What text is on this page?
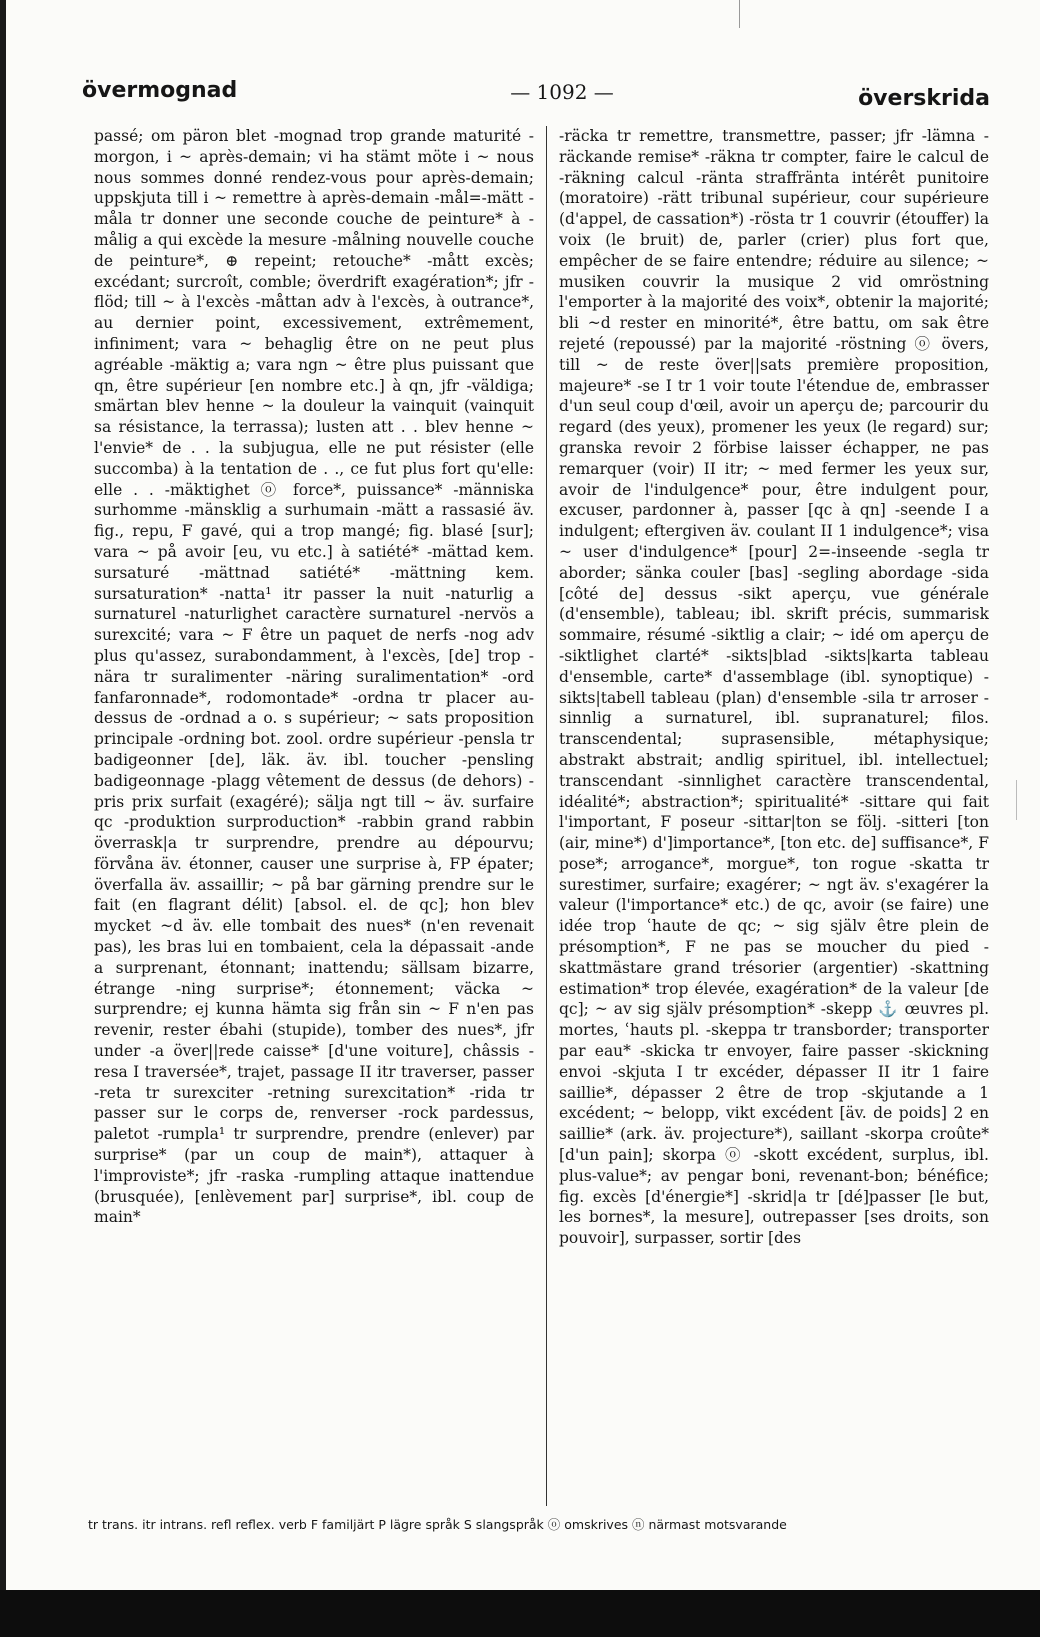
övermognad	— 1092 —	överskrida

passé; om päron blet -mognad trop grande maturité -morgon, i ~ après-demain; vi ha stämt möte i ~ nous nous sommes donné rendez-vous pour après-demain; uppskjuta till i ~ remettre à après-demain -mål=-mätt -måla tr donner une seconde couche de peinture* à -målig a qui excède la mesure -målning nouvelle couche de peinture*, ⊕ repeint; retouche* -mått excès; excédant; surcroît, comble; överdrift exagération*; jfr -flöd; till ~ à l'excès -måttan adv à l'excès, à outrance*, au dernier point, excessivement, extrêmement, infiniment; vara ~ behaglig être on ne peut plus agréable -mäktig a; vara ngn ~ être plus puissant que qn, être supérieur [en nombre etc.] à qn, jfr -väldiga; smärtan blev henne ~ la douleur la vainquit (vainquit sa résistance, la terrassa); lusten att . . blev henne ~ l'envie* de . . la subjugua, elle ne put résister (elle succomba) à la tentation de . ., ce fut plus fort qu'elle: elle . . -mäktighet ⓞ force*, puissance* -människa surhomme -mänsklig a surhumain -mätt a rassasié äv. fig., repu, F gavé, qui a trop mangé; fig. blasé [sur]; vara ~ på avoir [eu, vu etc.] à satiété* -mättad kem. sursaturé -mättnad satiété* -mättning kem. sursaturation* -natta¹ itr passer la nuit -naturlig a surnaturel -naturlighet caractère surnaturel -nervös a surexcité; vara ~ F être un paquet de nerfs -nog adv plus qu'assez, surabondamment, à l'excès, [de] trop -nära tr suralimenter -näring suralimentation* -ord fanfaronnade*, rodomontade* -ordna tr placer au-dessus de -ordnad a o. s supérieur; ~ sats proposition principale -ordning bot. zool. ordre supérieur -pensla tr badigeonner [de], läk. äv. ibl. toucher -pensling badigeonnage -plagg vêtement de dessus (de dehors) -pris prix surfait (exagéré); sälja ngt till ~ äv. surfaire qc -produktion surproduction* -rabbin grand rabbin överrask|a tr surprendre, prendre au dépourvu; förvåna äv. étonner, causer une surprise à, FP épater; överfalla äv. assaillir; ~ på bar gärning prendre sur le fait (en flagrant délit) [absol. el. de qc]; hon blev mycket ~d äv. elle tombait des nues* (n'en revenait pas), les bras lui en tombaient, cela la dépassait -ande a surprenant, étonnant; inattendu; sällsam bizarre, étrange -ning surprise*; étonnement; väcka ~ surprendre; ej kunna hämta sig från sin ~ F n'en pas revenir, rester ébahi (stupide), tomber des nues*, jfr under -a över||rede caisse* [d'une voiture], châssis -resa I traversée*, trajet, passage II itr traverser, passer -reta tr surexciter -retning surexcitation* -rida tr passer sur le corps de, renverser -rock pardessus, paletot -rumpla¹ tr surprendre, prendre (enlever) par surprise* (par un coup de main*), attaquer à l'improviste*; jfr -raska -rumpling attaque inattendue (brusquée), [enlèvement par] surprise*, ibl. coup de main*

-räcka tr remettre, transmettre, passer; jfr -lämna -räckande remise* -räkna tr compter, faire le calcul de -räkning calcul -ränta straffränta intérêt punitoire (moratoire) -rätt tribunal supérieur, cour supérieure (d'appel, de cassation*) -rösta tr 1 couvrir (étouffer) la voix (le bruit) de, parler (crier) plus fort que, empêcher de se faire entendre; réduire au silence; ~ musiken couvrir la musique 2 vid omröstning l'emporter à la majorité des voix*, obtenir la majorité; bli ~d rester en minorité*, être battu, om sak être rejeté (repoussé) par la majorité -röstning ⓞ övers, till ~ de reste över||sats première proposition, majeure* -se I tr 1 voir toute l'étendue de, embrasser d'un seul coup d'œil, avoir un aperçu de; parcourir du regard (des yeux), promener les yeux (le regard) sur; granska revoir 2 förbise laisser échapper, ne pas remarquer (voir) II itr; ~ med fermer les yeux sur, avoir de l'indulgence* pour, être indulgent pour, excuser, pardonner à, passer [qc à qn] -seende I a indulgent; eftergiven äv. coulant II 1 indulgence*; visa ~ user d'indulgence* [pour] 2=-inseende -segla tr aborder; sänka couler [bas] -segling abordage -sida [côté de] dessus -sikt aperçu, vue générale (d'ensemble), tableau; ibl. skrift précis, summarisk sommaire, résumé -siktlig a clair; ~ idé om aperçu de -siktlighet clarté* -sikts|blad -sikts|karta tableau d'ensemble, carte* d'assemblage (ibl. synoptique) -sikts|tabell tableau (plan) d'ensemble -sila tr arroser -sinnlig a surnaturel, ibl. supranaturel; filos. transcendental; suprasensible, métaphysique; abstrakt abstrait; andlig spirituel, ibl. intellectuel; transcendant -sinnlighet caractère transcendental, idéalité*; abstraction*; spiritualité* -sittare qui fait l'important, F poseur -sittar|ton se följ. -sitteri [ton (air, mine*) d']importance*, [ton etc. de] suffisance*, F pose*; arrogance*, morgue*, ton rogue -skatta tr surestimer, surfaire; exagérer; ~ ngt äv. s'exagérer la valeur (l'importance* etc.) de qc, avoir (se faire) une idée trop ʿhaute de qc; ~ sig själv être plein de présomption*, F ne pas se moucher du pied -skattmästare grand trésorier (argentier) -skattning estimation* trop élevée, exagération* de la valeur [de qc]; ~ av sig själv présomption* -skepp ⚓ œuvres pl. mortes, ʿhauts pl. -skeppa tr transborder; transporter par eau* -skicka tr envoyer, faire passer -skickning envoi -skjuta I tr excéder, dépasser II itr 1 faire saillie*, dépasser 2 être de trop -skjutande a 1 excédent; ~ belopp, vikt excédent [äv. de poids] 2 en saillie* (ark. äv. projecture*), saillant -skorpa croûte* [d'un pain]; skorpa ⓞ -skott excédent, surplus, ibl. plus-value*; av pengar boni, revenant-bon; bénéfice; fig. excès [d'énergie*] -skrid|a tr [dé]passer [le but, les bornes*, la mesure], outrepasser [ses droits, son pouvoir], surpasser, sortir [des

tr trans. itr intrans. refl reflex. verb F familjärt P lägre språk S slangspråk ⓞ omskrives ⓝ närmast motsvarande
